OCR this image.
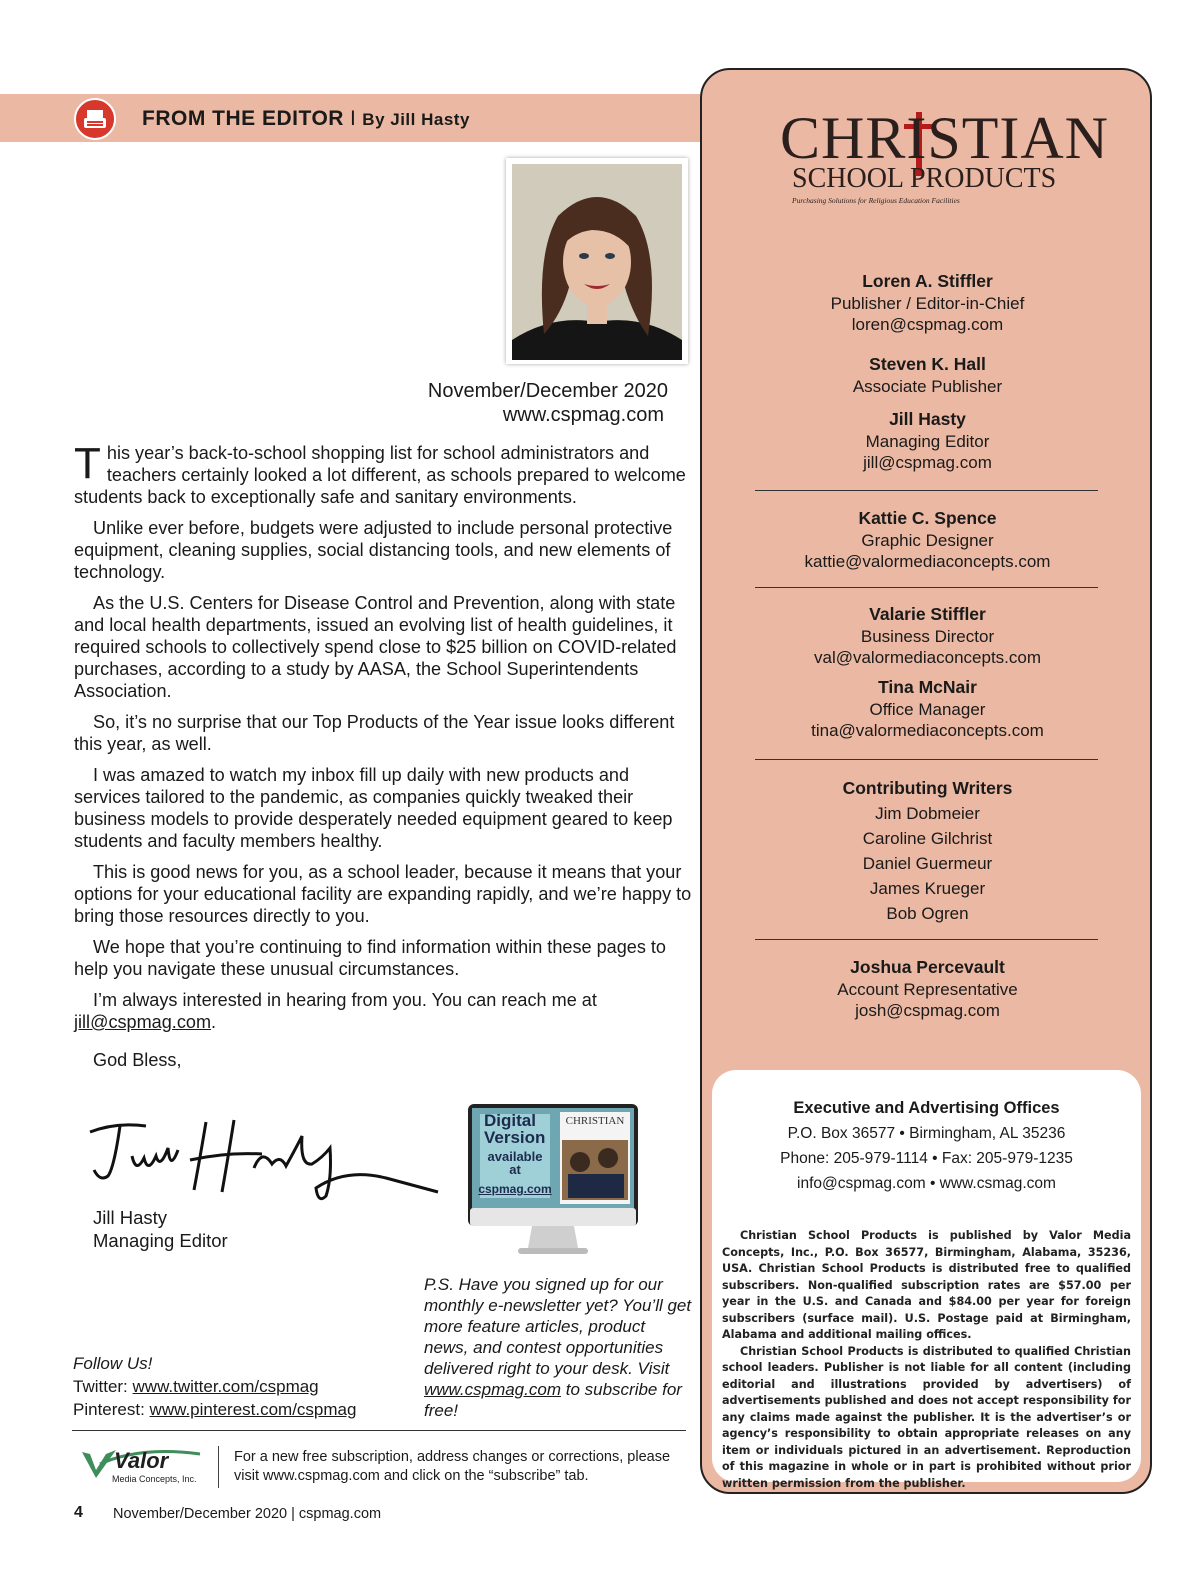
FROM THE EDITOR I By Jill Hasty
November/December 2020
www.cspmag.com

This year’s back-to-school shopping list for school administrators and teachers certainly looked a lot different, as schools prepared to welcome students back to exceptionally safe and sanitary environments.

Unlike ever before, budgets were adjusted to include personal protective equipment, cleaning supplies, social distancing tools, and new elements of technology.

As the U.S. Centers for Disease Control and Prevention, along with state and local health departments, issued an evolving list of health guidelines, it required schools to collectively spend close to $25 billion on COVID-related purchases, according to a study by AASA, the School Superintendents Association.

So, it’s no surprise that our Top Products of the Year issue looks different this year, as well.

I was amazed to watch my inbox fill up daily with new products and services tailored to the pandemic, as companies quickly tweaked their business models to provide desperately needed equipment geared to keep students and faculty members healthy.

This is good news for you, as a school leader, because it means that your options for your educational facility are expanding rapidly, and we’re happy to bring those resources directly to you.

We hope that you’re continuing to find information within these pages to help you navigate these unusual circumstances.

I’m always interested in hearing from you. You can reach me at
jill@cspmag.com.

God Bless,

Jill Hasty
Managing Editor
Digital
Version
available
at
cspmag.com
CHRISTIAN
P.S. Have you signed up for our monthly e-newsletter yet? You’ll get more feature articles, product news, and contest opportunities delivered right to your desk. Visit www.cspmag.com to subscribe for free!
Follow Us!
Twitter: www.twitter.com/cspmag
Pinterest: www.pinterest.com/cspmag
Valor
Media Concepts, Inc.
For a new free subscription, address changes or corrections, please visit www.cspmag.com and click on the “subscribe” tab.
4 November/December 2020 | cspmag.com
CHRISTIAN
SCHOOL PRODUCTS
Purchasing Solutions for Religious Education Facilities
Loren A. Stiffler
Publisher / Editor-in-Chief
loren@cspmag.com
Steven K. Hall
Associate Publisher
Jill Hasty
Managing Editor
jill@cspmag.com
Kattie C. Spence
Graphic Designer
kattie@valormediaconcepts.com
Valarie Stiffler
Business Director
val@valormediaconcepts.com
Tina McNair
Office Manager
tina@valormediaconcepts.com
Contributing Writers
Jim Dobmeier
Caroline Gilchrist
Daniel Guermeur
James Krueger
Bob Ogren
Joshua Percevault
Account Representative
josh@cspmag.com
Executive and Advertising Offices
P.O. Box 36577 • Birmingham, AL 35236
Phone: 205-979-1114 • Fax: 205-979-1235
info@cspmag.com • www.csmag.com

Christian School Products is published by Valor Media Concepts, Inc., P.O. Box 36577, Birmingham, Alabama, 35236, USA. Christian School Products is distributed free to qualified subscribers. Non-qualified subscription rates are $57.00 per year in the U.S. and Canada and $84.00 per year for foreign subscribers (surface mail). U.S. Postage paid at Birmingham, Alabama and additional mailing offices.

Christian School Products is distributed to qualified Christian school leaders. Publisher is not liable for all content (including editorial and illustrations provided by advertisers) of advertisements published and does not accept responsibility for any claims made against the publisher. It is the advertiser’s or agency’s responsibility to obtain appropriate releases on any item or individuals pictured in an advertisement. Reproduction of this magazine in whole or in part is prohibited without prior written permission from the publisher.
